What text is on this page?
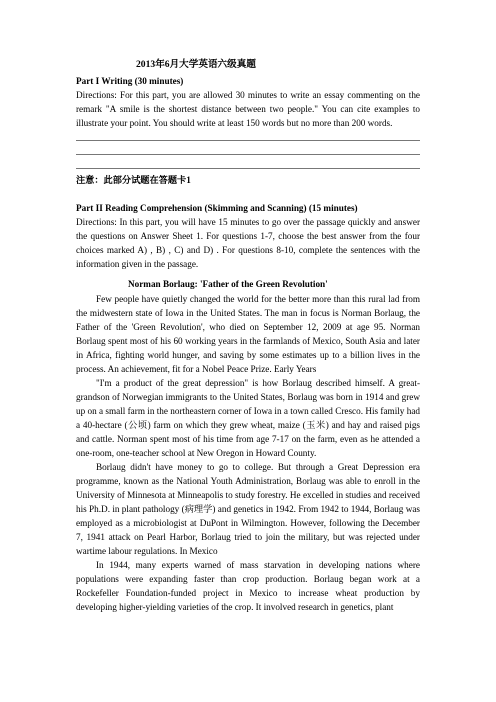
2013年6月大学英语六级真题
Part I Writing (30 minutes)

Directions: For this part, you are allowed 30 minutes to write an essay commenting on the remark "A smile is the shortest distance between two people." You can cite examples to illustrate your point. You should write at least 150 words but no more than 200 words.

注意：此部分试题在答题卡1
Part II Reading Comprehension (Skimming and Scanning) (15 minutes)

Directions: In this part, you will have 15 minutes to go over the passage quickly and answer the questions on Answer Sheet 1. For questions 1-7, choose the best answer from the four choices marked A) , B) , C) and D) . For questions 8-10, complete the sentences with the information given in the passage.

Norman Borlaug: 'Father of the Green Revolution'

Few people have quietly changed the world for the better more than this rural lad from the midwestern state of Iowa in the United States. The man in focus is Norman Borlaug, the Father of the 'Green Revolution', who died on September 12, 2009 at age 95. Norman Borlaug spent most of his 60 working years in the farmlands of Mexico, South Asia and later in Africa, fighting world hunger, and saving by some estimates up to a billion lives in the process. An achievement, fit for a Nobel Peace Prize. Early Years

"I'm a product of the great depression" is how Borlaug described himself. A great-grandson of Norwegian immigrants to the United States, Borlaug was born in 1914 and grew up on a small farm in the northeastern corner of Iowa in a town called Cresco. His family had a 40-hectare (公顷) farm on which they grew wheat, maize (玉米) and hay and raised pigs and cattle. Norman spent most of his time from age 7-17 on the farm, even as he attended a one-room, one-teacher school at New Oregon in Howard County.

Borlaug didn't have money to go to college. But through a Great Depression era programme, known as the National Youth Administration, Borlaug was able to enroll in the University of Minnesota at Minneapolis to study forestry. He excelled in studies and received his Ph.D. in plant pathology (病理学) and genetics in 1942. From 1942 to 1944, Borlaug was employed as a microbiologist at DuPont in Wilmington. However, following the December 7, 1941 attack on Pearl Harbor, Borlaug tried to join the military, but was rejected under wartime labour regulations. In Mexico

In 1944, many experts warned of mass starvation in developing nations where populations were expanding faster than crop production. Borlaug began work at a Rockefeller Foundation-funded project in Mexico to increase wheat production by developing higher-yielding varieties of the crop. It involved research in genetics, plant
